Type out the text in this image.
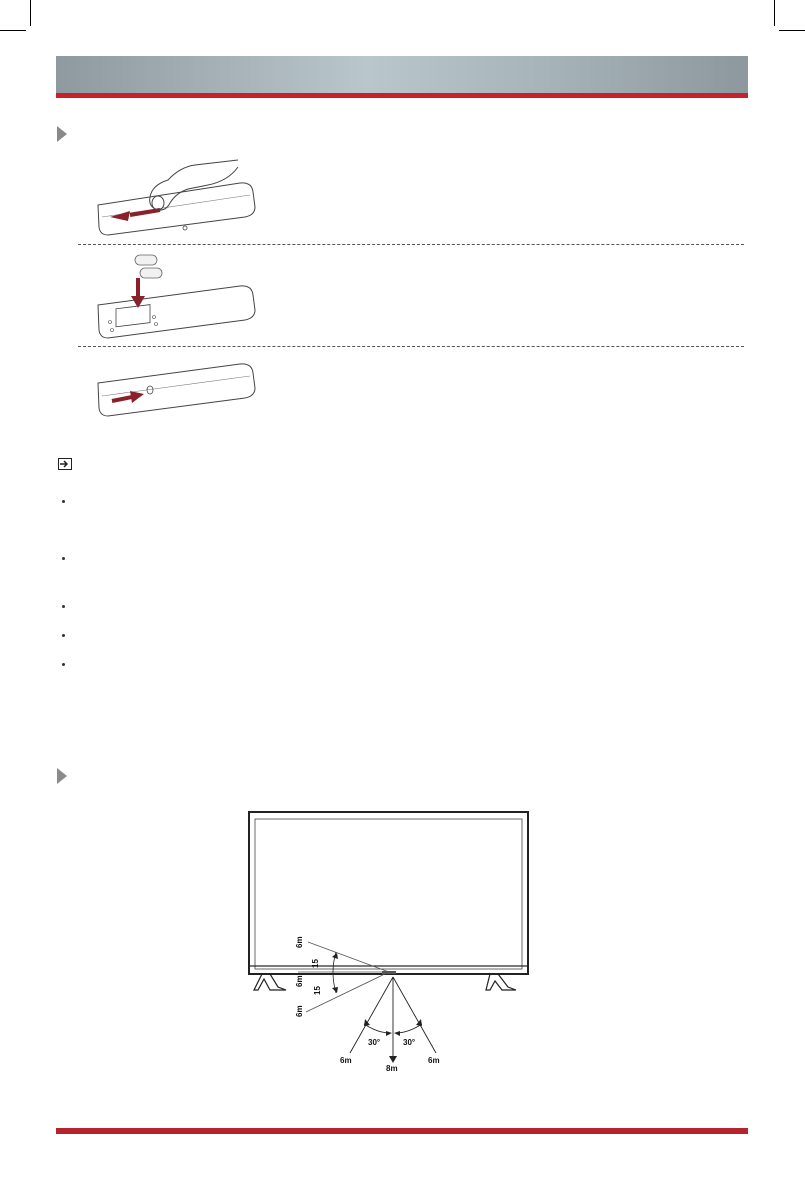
6m
15
6m
15
6m
30°	30°
6m
8m
6m
